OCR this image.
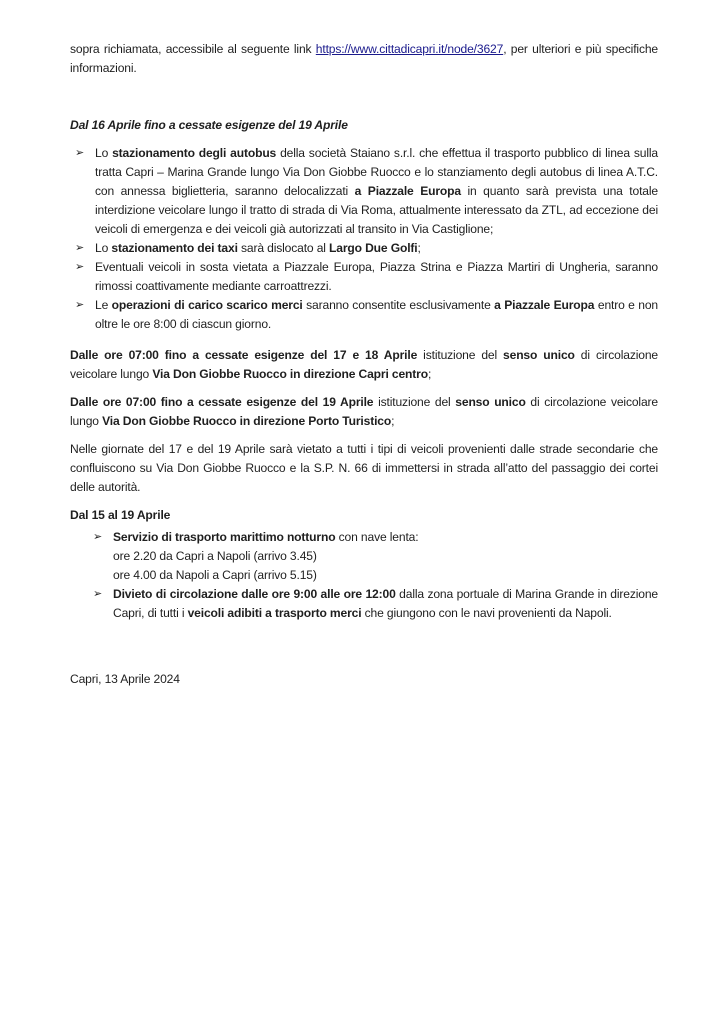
sopra richiamata, accessibile al seguente link https://www.cittadicapri.it/node/3627, per ulteriori e più specifiche informazioni.

Dal 16 Aprile fino a cessate esigenze del 19 Aprile

➢ Lo stazionamento degli autobus della società Staiano s.r.l. che effettua il trasporto pubblico di linea sulla tratta Capri – Marina Grande lungo Via Don Giobbe Ruocco e lo stanziamento degli autobus di linea A.T.C. con annessa biglietteria, saranno delocalizzati a Piazzale Europa in quanto sarà prevista una totale interdizione veicolare lungo il tratto di strada di Via Roma, attualmente interessato da ZTL, ad eccezione dei veicoli di emergenza e dei veicoli già autorizzati al transito in Via Castiglione;
➢ Lo stazionamento dei taxi sarà dislocato al Largo Due Golfi;
➢ Eventuali veicoli in sosta vietata a Piazzale Europa, Piazza Strina e Piazza Martiri di Ungheria, saranno rimossi coattivamente mediante carroattrezzi.
➢ Le operazioni di carico scarico merci saranno consentite esclusivamente a Piazzale Europa entro e non oltre le ore 8:00 di ciascun giorno.

Dalle ore 07:00 fino a cessate esigenze del 17 e 18 Aprile istituzione del senso unico di circolazione veicolare lungo Via Don Giobbe Ruocco in direzione Capri centro;

Dalle ore 07:00 fino a cessate esigenze del 19 Aprile istituzione del senso unico di circolazione veicolare lungo Via Don Giobbe Ruocco in direzione Porto Turistico;

Nelle giornate del 17 e del 19 Aprile sarà vietato a tutti i tipi di veicoli provenienti dalle strade secondarie che confluiscono su Via Don Giobbe Ruocco e la S.P. N. 66 di immettersi in strada all’atto del passaggio dei cortei delle autorità.

Dal 15 al 19 Aprile

➢ Servizio di trasporto marittimo notturno con nave lenta:
ore 2.20 da Capri a Napoli (arrivo 3.45)
ore 4.00 da Napoli a Capri (arrivo 5.15)
➢ Divieto di circolazione dalle ore 9:00 alle ore 12:00 dalla zona portuale di Marina Grande in direzione Capri, di tutti i veicoli adibiti a trasporto merci che giungono con le navi provenienti da Napoli.

Capri, 13 Aprile 2024
